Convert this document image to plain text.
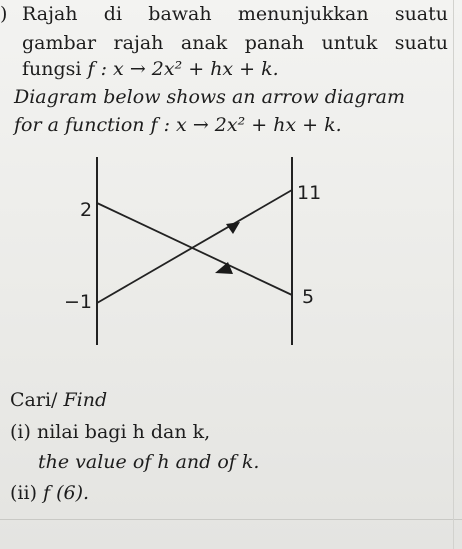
) Rajah di bawah menunjukkan suatu
gambar rajah anak panah untuk suatu
fungsi f : x → 2x² + hx + k.
Diagram below shows an arrow diagram
for a function f : x → 2x² + hx + k.
2
−1
11
5
Cari/ Find
(i) nilai bagi h dan k,
the value of h and of k.
(ii) f (6).
